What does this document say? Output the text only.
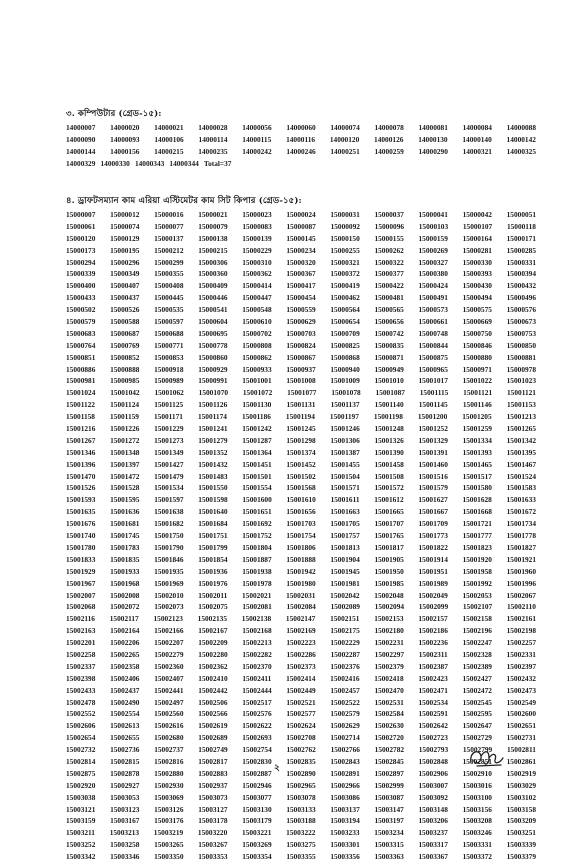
৩. কম্পিউটার (গ্রেড-১৫):
14000007 14000020 14000021 14000028 14000056 14000060 14000074 14000078 14000081 14000084 14000088
14000090 14000093 14000106 14000114 14000115 14000116 14000120 14000126 14000130 14000140 14000142
14000144 14000156 14000215 14000235 14000242 14000246 14000251 14000259 14000290 14000321 14000325
14000329 14000330 14000343 14000344 Total=37
৪. ড্রাফটসম্যান কাম এরিয়া এস্টিমেটর কাম সিট কিপার (গ্রেড-১৫):
15000007 15000012 15000016 15000021 15000023 15000024 15000031 15000037 15000041 15000042 15000051
15000061 15000074 15000077 15000079 15000083 15000087 15000092 15000096 15000103 15000107 15000118
15000120 15000129 15000137 15000138 15000139 15000145 15000150 15000155 15000159 15000164 15000171
15000173 15000195 15000212 15000215 15000229 15000234 15000255 15000262 15000269 15000281 15000285
15000294 15000296 15000299 15000306 15000310 15000320 15000321 15000322 15000327 15000330 15000331
15000339 15000349 15000355 15000360 15000362 15000367 15000372 15000377 15000380 15000393 15000394
15000400 15000407 15000408 15000409 15000414 15000417 15000419 15000422 15000424 15000430 15000432
15000433 15000437 15000445 15000446 15000447 15000454 15000462 15000481 15000491 15000494 15000496
15000502 15000526 15000535 15000541 15000548 15000559 15000564 15000565 15000573 15000575 15000576
15000579 15000588 15000597 15000604 15000610 15000629 15000654 15000656 15000661 15000669 15000673
15000683 15000687 15000688 15000695 15000702 15000703 15000709 15000742 15000748 15000750 15000753
15000764 15000769 15000771 15000778 15000808 15000824 15000825 15000835 15000844 15000846 15000850
15000851 15000852 15000853 15000860 15000862 15000867 15000868 15000871 15000875 15000880 15000881
15000886 15000888 15000918 15000929 15000933 15000937 15000940 15000949 15000965 15000971 15000978
15000981 15000985 15000989 15000991 15001001 15001008 15001009 15001010 15001017 15001022 15001023
15001024 15001042 15001062 15001070 15001072 15001077 15001078 15001087 15001115 15001121 15001121
15001122 15001124 15001125 15001126 15001130 15001131 15001137 15001140 15001145 15001146 15001153
15001158 15001159 15001171 15001174 15001186 15001194 15001197 15001198 15001200 15001205 15001213
15001216 15001226 15001229 15001241 15001242 15001245 15001246 15001248 15001252 15001259 15001265
15001267 15001272 15001273 15001279 15001287 15001298 15001306 15001326 15001329 15001334 15001342
15001346 15001348 15001349 15001352 15001364 15001374 15001387 15001390 15001391 15001393 15001395
15001396 15001397 15001427 15001432 15001451 15001452 15001455 15001458 15001460 15001465 15001467
15001470 15001472 15001479 15001483 15001501 15001502 15001504 15001508 15001516 15001517 15001524
15001526 15001528 15001534 15001550 15001554 15001568 15001571 15001572 15001579 15001580 15001583
15001593 15001595 15001597 15001598 15001600 15001610 15001611 15001612 15001627 15001628 15001633
15001635 15001636 15001638 15001640 15001651 15001656 15001663 15001665 15001667 15001668 15001672
15001676 15001681 15001682 15001684 15001692 15001703 15001705 15001707 15001709 15001721 15001734
15001740 15001745 15001750 15001751 15001752 15001754 15001757 15001765 15001773 15001777 15001778
15001780 15001783 15001790 15001799 15001804 15001806 15001813 15001817 15001822 15001823 15001827
15001833 15001835 15001846 15001854 15001887 15001888 15001904 15001905 15001914 15001920 15001921
15001929 15001933 15001935 15001936 15001938 15001942 15001945 15001950 15001951 15001958 15001960
15001967 15001968 15001969 15001976 15001978 15001980 15001981 15001985 15001989 15001992 15001996
15002007 15002008 15002010 15002011 15002021 15002031 15002042 15002048 15002049 15002053 15002067
15002068 15002072 15002073 15002075 15002081 15002084 15002089 15002094 15002099 15002107 15002110
15002116 15002117 15002123 15002135 15002138 15002147 15002151 15002153 15002157 15002158 15002161
15002163 15002164 15002166 15002167 15002168 15002169 15002175 15002180 15002186 15002196 15002198
15002201 15002206 15002207 15002209 15002213 15002223 15002229 15002231 15002236 15002247 15002257
15002258 15002265 15002279 15002280 15002282 15002286 15002287 15002297 15002311 15002328 15002331
15002337 15002358 15002360 15002362 15002370 15002373 15002376 15002379 15002387 15002389 15002397
15002398 15002406 15002407 15002410 15002411 15002414 15002416 15002418 15002423 15002427 15002432
15002433 15002437 15002441 15002442 15002444 15002449 15002457 15002470 15002471 15002472 15002473
15002478 15002490 15002497 15002506 15002517 15002521 15002522 15002531 15002534 15002545 15002549
15002552 15002554 15002560 15002566 15002576 15002577 15002579 15002584 15002591 15002595 15002600
15002606 15002613 15002616 15002619 15002622 15002624 15002629 15002630 15002642 15002647 15002651
15002654 15002655 15002680 15002689 15002693 15002708 15002714 15002720 15002723 15002729 15002731
15002732 15002736 15002737 15002749 15002754 15002762 15002766 15002782 15002793 15002799 15002811
15002814 15002815 15002816 15002817 15002830 15002835 15002843 15002845 15002848 15002851 15002861
15002875 15002878 15002880 15002883 15002887 15002890 15002891 15002897 15002906 15002910 15002919
15002920 15002927 15002930 15002937 15002946 15002965 15002966 15002999 15003007 15003016 15003029
15003038 15003053 15003069 15003073 15003077 15003078 15003086 15003087 15003092 15003100 15003102
15003121 15003123 15003126 15003127 15003130 15003133 15003137 15003147 15003148 15003156 15003158
15003159 15003167 15003176 15003178 15003179 15003188 15003194 15003197 15003206 15003208 15003209
15003211 15003213 15003219 15003220 15003221 15003222 15003233 15003234 15003237 15003246 15003251
15003252 15003258 15003265 15003267 15003269 15003275 15003301 15003315 15003317 15003331 15003339
15003342 15003346 15003350 15003353 15003354 15003355 15003356 15003363 15003367 15003372 15003379
২
